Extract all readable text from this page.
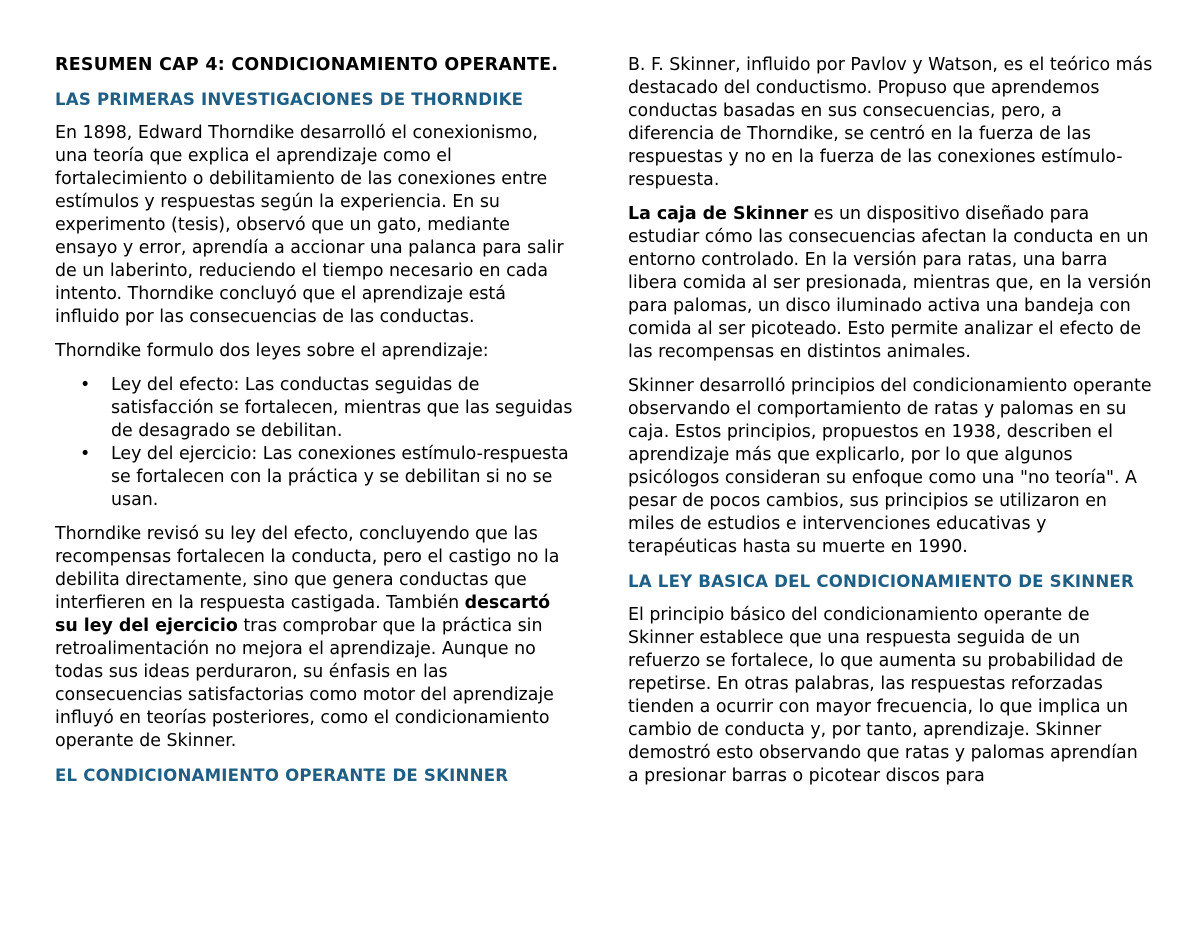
RESUMEN CAP 4: CONDICIONAMIENTO OPERANTE.
LAS PRIMERAS INVESTIGACIONES DE THORNDIKE

En 1898, Edward Thorndike desarrolló el conexionismo, una teoría que explica el aprendizaje como el fortalecimiento o debilitamiento de las conexiones entre estímulos y respuestas según la experiencia. En su experimento (tesis), observó que un gato, mediante ensayo y error, aprendía a accionar una palanca para salir de un laberinto, reduciendo el tiempo necesario en cada intento. Thorndike concluyó que el aprendizaje está influido por las consecuencias de las conductas.

Thorndike formulo dos leyes sobre el aprendizaje:

• Ley del efecto: Las conductas seguidas de satisfacción se fortalecen, mientras que las seguidas de desagrado se debilitan.
• Ley del ejercicio: Las conexiones estímulo-respuesta se fortalecen con la práctica y se debilitan si no se usan.

Thorndike revisó su ley del efecto, concluyendo que las recompensas fortalecen la conducta, pero el castigo no la debilita directamente, sino que genera conductas que interfieren en la respuesta castigada. También descartó su ley del ejercicio tras comprobar que la práctica sin retroalimentación no mejora el aprendizaje. Aunque no todas sus ideas perduraron, su énfasis en las consecuencias satisfactorias como motor del aprendizaje influyó en teorías posteriores, como el condicionamiento operante de Skinner.

EL CONDICIONAMIENTO OPERANTE DE SKINNER

B. F. Skinner, influido por Pavlov y Watson, es el teórico más destacado del conductismo. Propuso que aprendemos conductas basadas en sus consecuencias, pero, a diferencia de Thorndike, se centró en la fuerza de las respuestas y no en la fuerza de las conexiones estímulo-respuesta.

La caja de Skinner es un dispositivo diseñado para estudiar cómo las consecuencias afectan la conducta en un entorno controlado. En la versión para ratas, una barra libera comida al ser presionada, mientras que, en la versión para palomas, un disco iluminado activa una bandeja con comida al ser picoteado. Esto permite analizar el efecto de las recompensas en distintos animales.

Skinner desarrolló principios del condicionamiento operante observando el comportamiento de ratas y palomas en su caja. Estos principios, propuestos en 1938, describen el aprendizaje más que explicarlo, por lo que algunos psicólogos consideran su enfoque como una "no teoría". A pesar de pocos cambios, sus principios se utilizaron en miles de estudios e intervenciones educativas y terapéuticas hasta su muerte en 1990.

LA LEY BASICA DEL CONDICIONAMIENTO DE SKINNER

El principio básico del condicionamiento operante de Skinner establece que una respuesta seguida de un refuerzo se fortalece, lo que aumenta su probabilidad de repetirse. En otras palabras, las respuestas reforzadas tienden a ocurrir con mayor frecuencia, lo que implica un cambio de conducta y, por tanto, aprendizaje. Skinner demostró esto observando que ratas y palomas aprendían a presionar barras o picotear discos para
